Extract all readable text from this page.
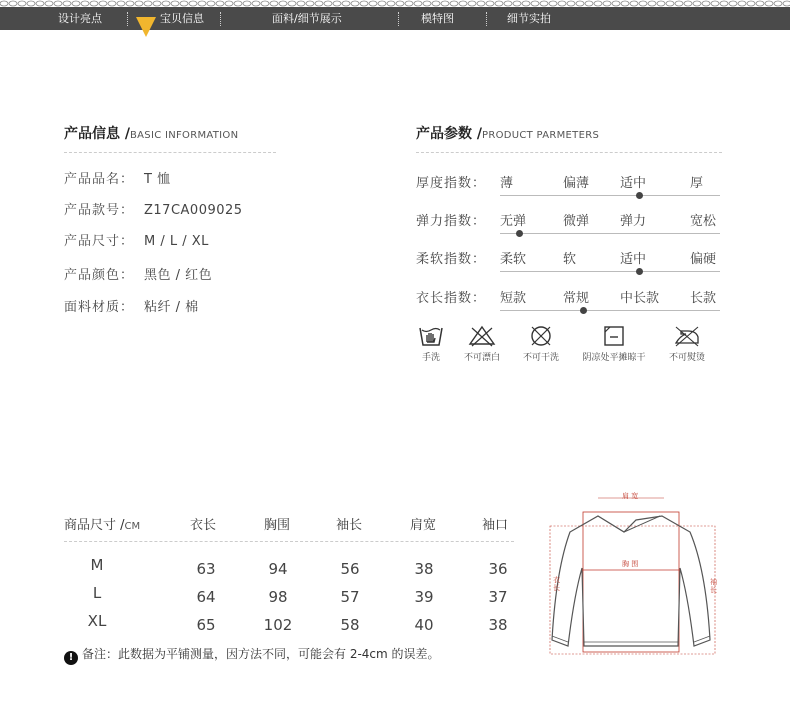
设计亮点	宝贝信息	面料/细节展示	模特图	细节实拍
产品信息 /BASIC INFORMATION
产品品名： T 恤
产品款号： Z17CA009025
产品尺寸： M / L / XL
产品颜色： 黑色 / 红色
面料材质： 粘纤 / 棉
产品参数 /PRODUCT PARMETERS
厚度指数： 薄	偏薄 适中	厚
弹力指数： 无弹	微弹 弹力	宽松
柔软指数： 柔软	软	适中	偏硬
衣长指数： 短款	常规 中长款 长款
手洗	不可漂白	不可干洗	阴凉处平摊晾干	不可熨烫
商品尺寸 /CM	衣长	胸围	袖长	肩宽	袖口
M	63	94	56	38	36
L	64	98	57	39	37
XL	65	102	58	40	38
! 备注：此数据为平铺测量，因方法不同，可能会有 2-4cm 的误差。
肩 宽
胸 围
衣 长
袖 长
